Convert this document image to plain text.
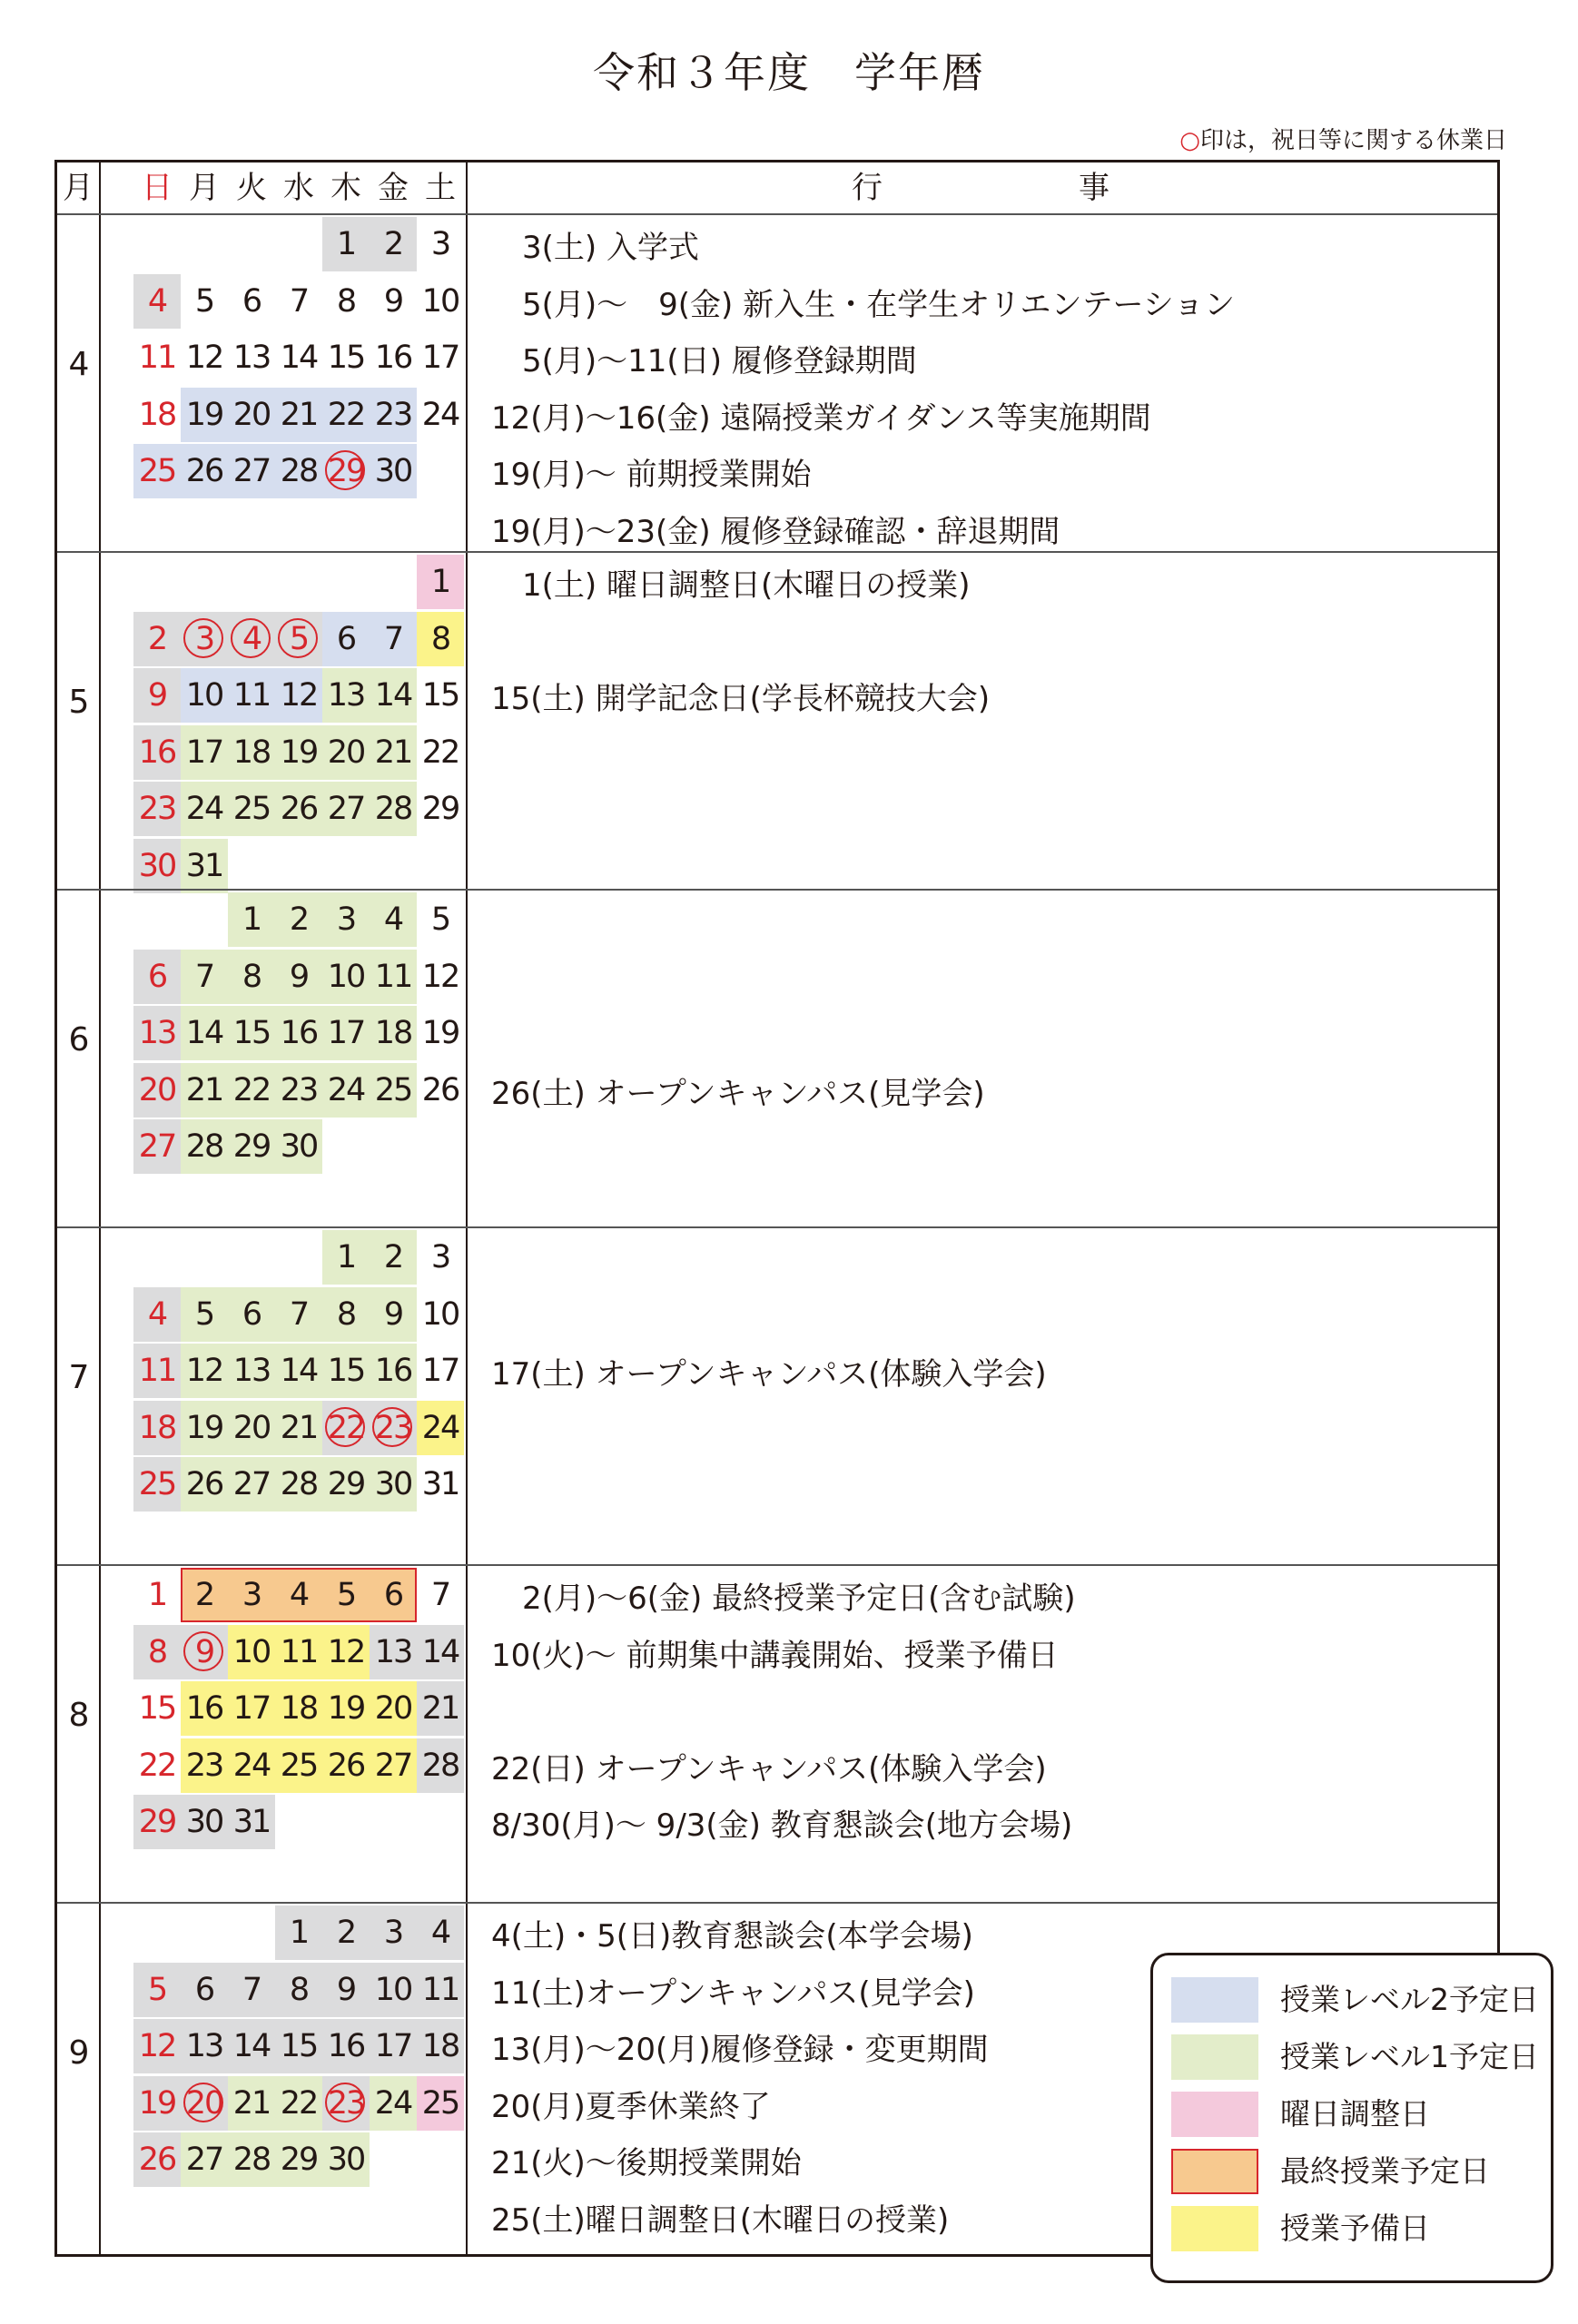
令和３年度　学年暦
○印は，祝日等に関する休業日
月 日 月 火 水 木 金 土	行	事
4
1 2 3
4 5 6 7 8 9 10
11 12 13 14 15 16 17
18 19 20 21 22 23 24
25 26 27 28 29 30
　3(土) 入学式
　5(月)～　9(金) 新入生・在学生オリエンテーション
　5(月)～11(日) 履修登録期間
12(月)～16(金) 遠隔授業ガイダンス等実施期間
19(月)～ 前期授業開始
19(月)～23(金) 履修登録確認・辞退期間
5
1
2 3 4 5 6 7 8
9 10 11 12 13 14 15
16 17 18 19 20 21 22
23 24 25 26 27 28 29
30 31
　1(土) 曜日調整日(木曜日の授業)
15(土) 開学記念日(学長杯競技大会)
6
1 2 3 4 5
6 7 8 9 10 11 12
13 14 15 16 17 18 19
20 21 22 23 24 25 26
27 28 29 30
26(土) オープンキャンパス(見学会)
7
1 2 3
4 5 6 7 8 9 10
11 12 13 14 15 16 17
18 19 20 21 22 23 24
25 26 27 28 29 30 31
17(土) オープンキャンパス(体験入学会)
8
1 2 3 4 5 6 7
8 9 10 11 12 13 14
15 16 17 18 19 20 21
22 23 24 25 26 27 28
29 30 31
　2(月)～6(金) 最終授業予定日(含む試験)
10(火)～ 前期集中講義開始、授業予備日
22(日) オープンキャンパス(体験入学会)
8/30(月)～ 9/3(金) 教育懇談会(地方会場)
9
1 2 3 4
5 6 7 8 9 10 11
12 13 14 15 16 17 18
19 20 21 22 23 24 25
26 27 28 29 30
4(土)・5(日)教育懇談会(本学会場)
11(土)オープンキャンパス(見学会)
13(月)～20(月)履修登録・変更期間
20(月)夏季休業終了
21(火)～後期授業開始
25(土)曜日調整日(木曜日の授業)
授業レベル2予定日
授業レベル1予定日
曜日調整日
最終授業予定日
授業予備日
